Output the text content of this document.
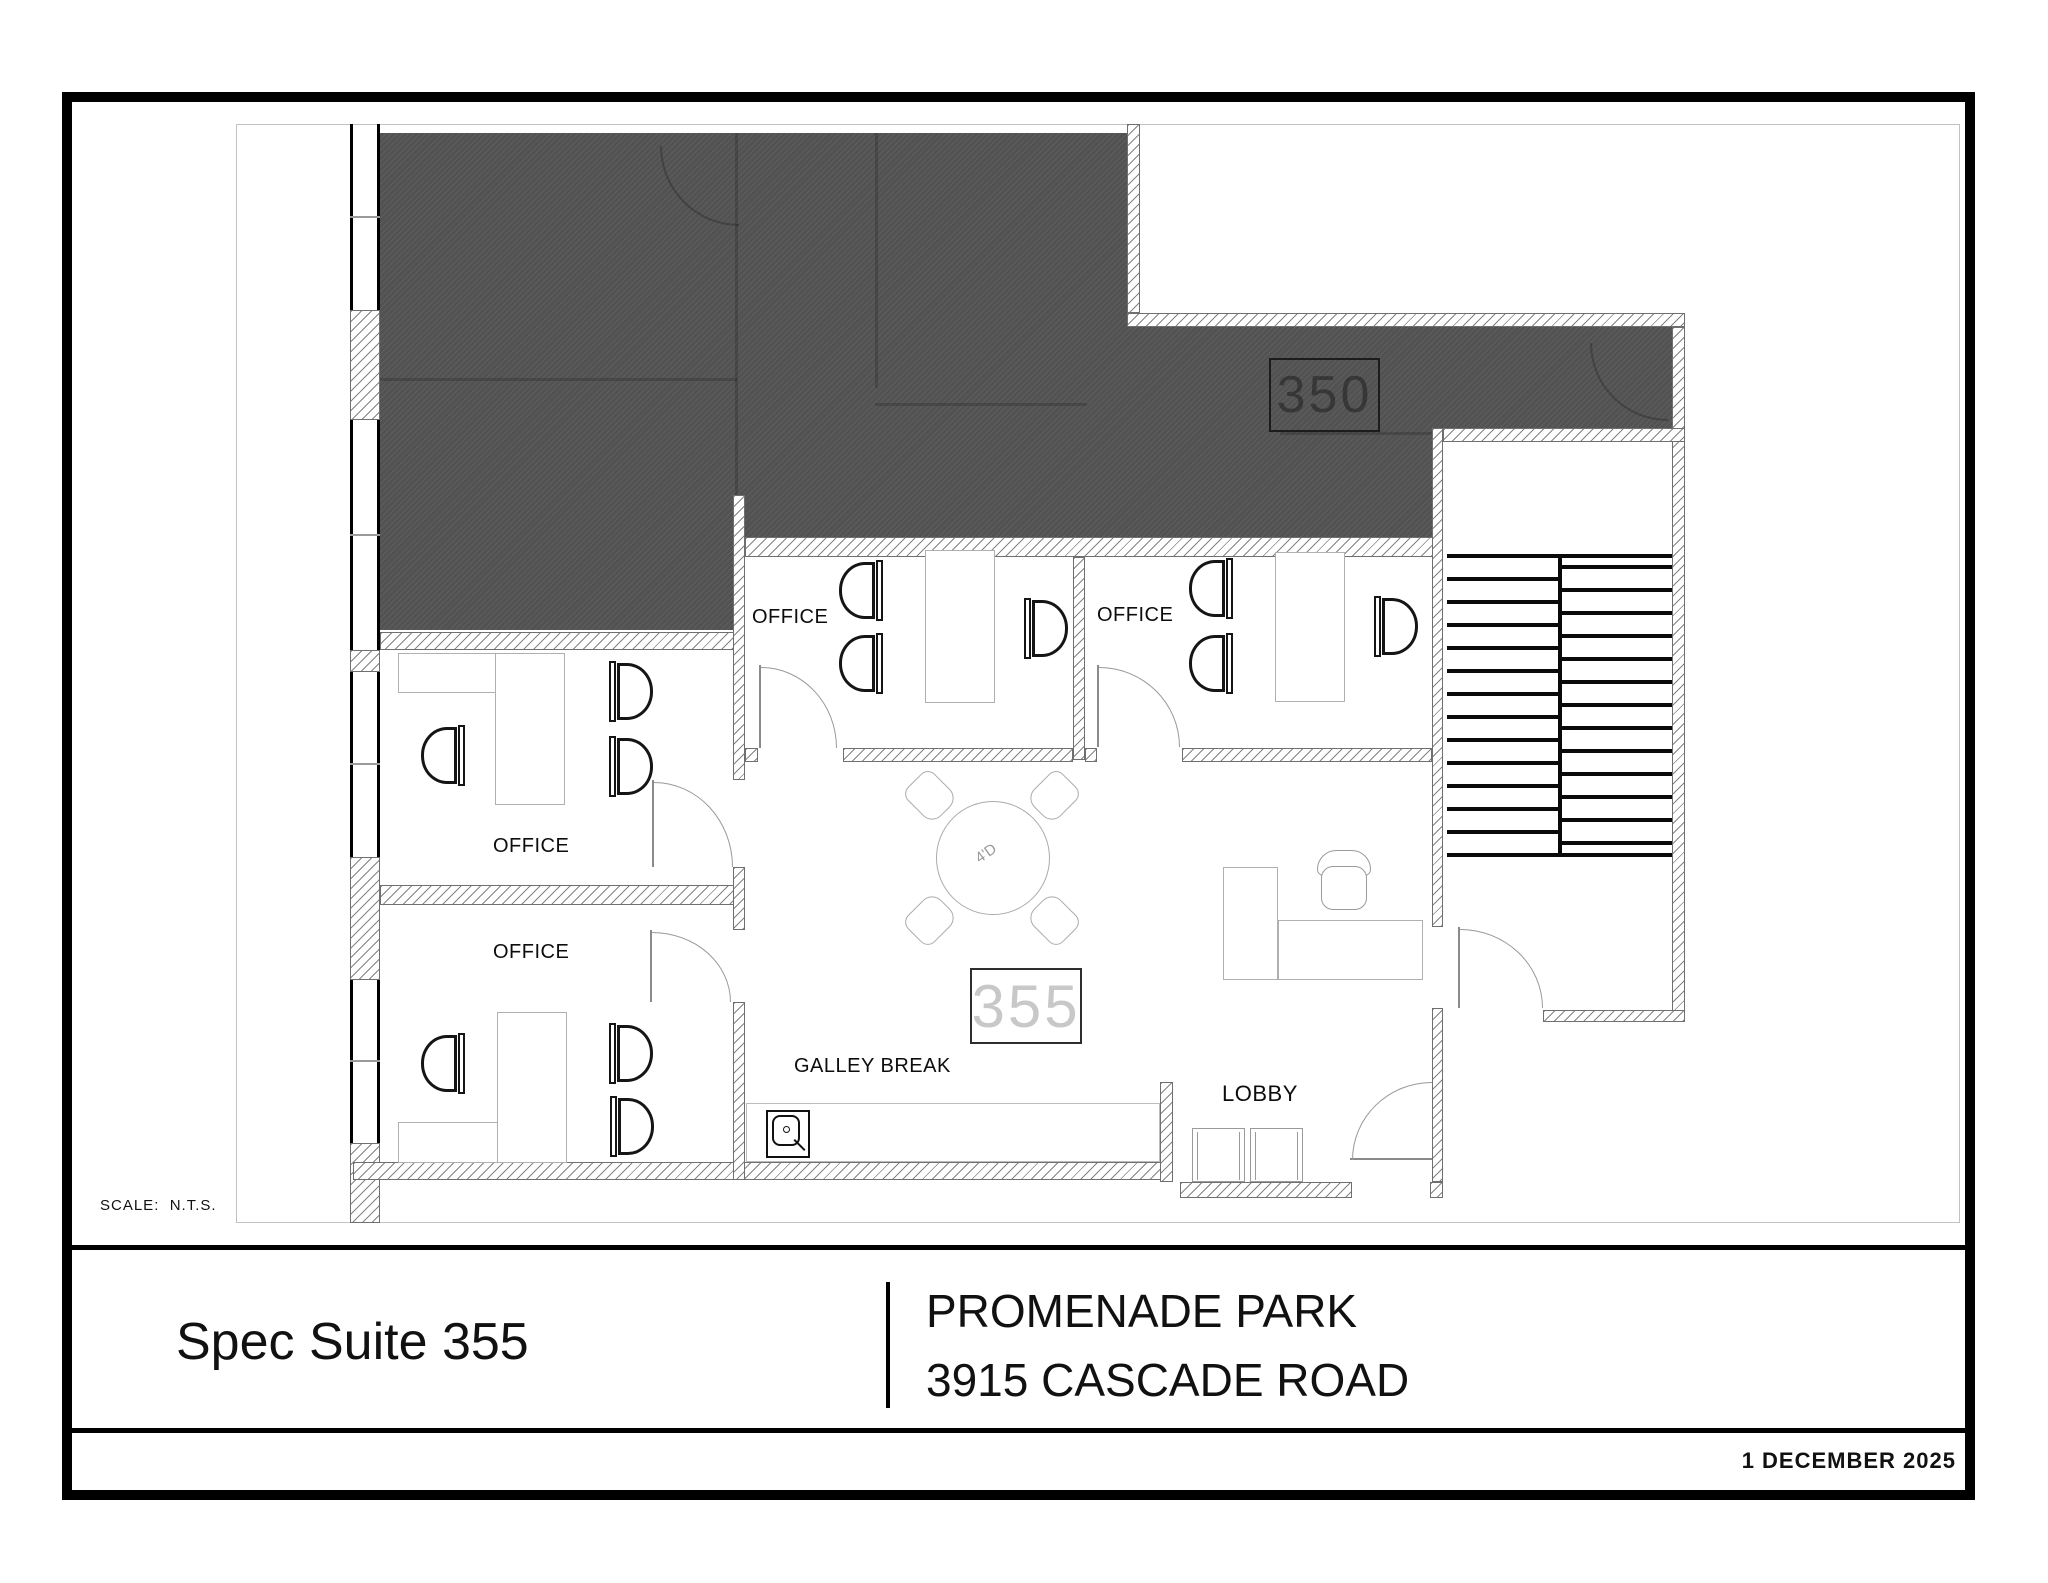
350
4'D
OFFICE	OFFICE
OFFICE
OFFICE
GALLEY BREAK
LOBBY
355
SCALE:  N.T.S.
Spec Suite 355
PROMENADE PARK
3915 CASCADE ROAD
1 DECEMBER 2025
